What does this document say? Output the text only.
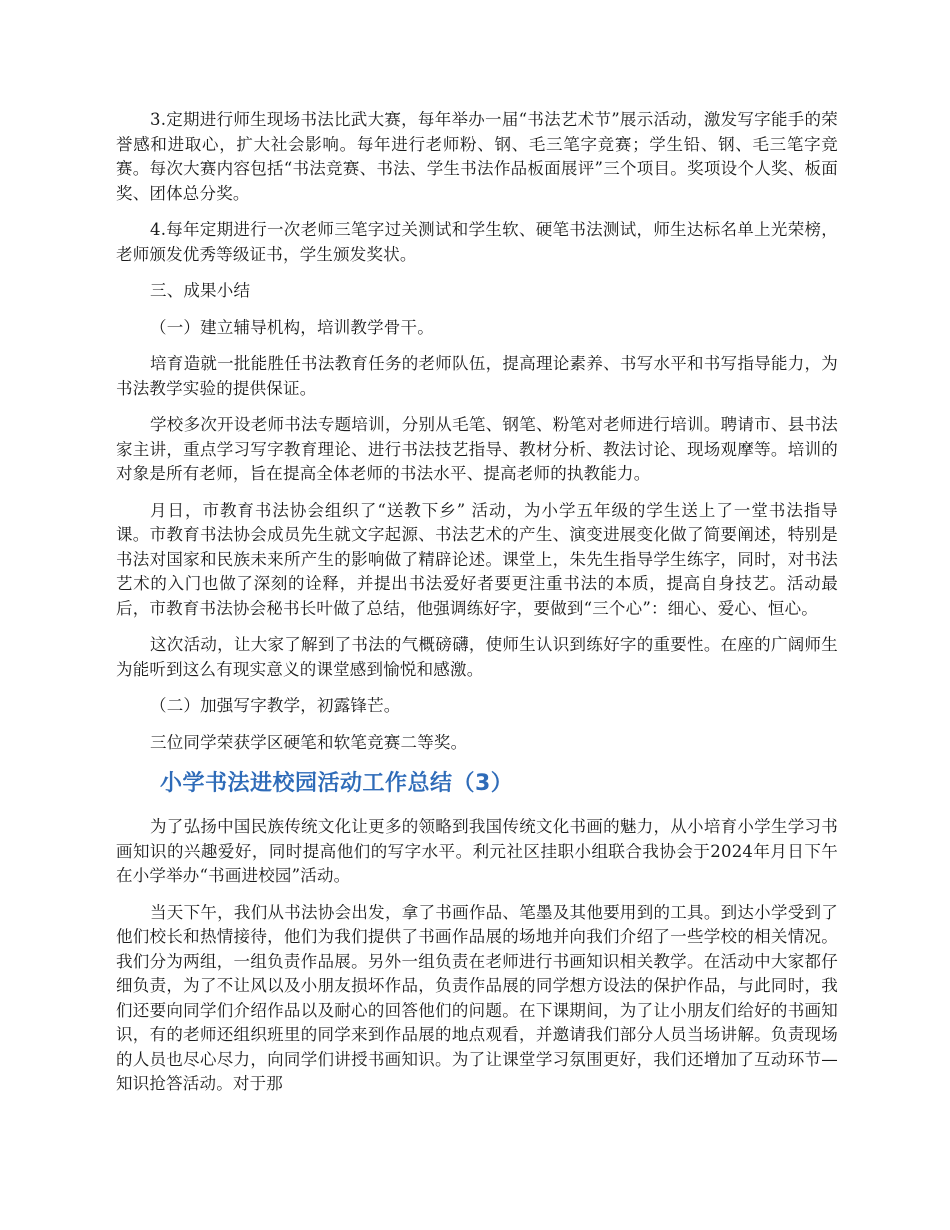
3.定期进行师生现场书法比武大赛，每年举办一届“书法艺术节”展示活动，激发写字能手的荣誉感和进取心，扩大社会影响。每年进行老师粉、钢、毛三笔字竞赛；学生铅、钢、毛三笔字竞赛。每次大赛内容包括“书法竞赛、书法、学生书法作品板面展评”三个项目。奖项设个人奖、板面奖、团体总分奖。

4.每年定期进行一次老师三笔字过关测试和学生软、硬笔书法测试，师生达标名单上光荣榜，老师颁发优秀等级证书，学生颁发奖状。

三、成果小结

（一）建立辅导机构，培训教学骨干。

培育造就一批能胜任书法教育任务的老师队伍，提高理论素养、书写水平和书写指导能力，为书法教学实验的提供保证。

学校多次开设老师书法专题培训，分别从毛笔、钢笔、粉笔对老师进行培训。聘请市、县书法家主讲，重点学习写字教育理论、进行书法技艺指导、教材分析、教法讨论、现场观摩等。培训的对象是所有老师，旨在提高全体老师的书法水平、提高老师的执教能力。

月日，市教育书法协会组织了“送教下乡” 活动，为小学五年级的学生送上了一堂书法指导课。市教育书法协会成员先生就文字起源、书法艺术的产生、演变进展变化做了简要阐述，特别是书法对国家和民族未来所产生的影响做了精辟论述。课堂上，朱先生指导学生练字，同时，对书法艺术的入门也做了深刻的诠释，并提出书法爱好者要更注重书法的本质，提高自身技艺。活动最后，市教育书法协会秘书长叶做了总结，他强调练好字，要做到“三个心”：细心、爱心、恒心。

这次活动，让大家了解到了书法的气概磅礴，使师生认识到练好字的重要性。在座的广阔师生为能听到这么有现实意义的课堂感到愉悦和感激。

（二）加强写字教学，初露锋芒。

三位同学荣获学区硬笔和软笔竞赛二等奖。

小学书法进校园活动工作总结（3）

为了弘扬中国民族传统文化让更多的领略到我国传统文化书画的魅力，从小培育小学生学习书画知识的兴趣爱好，同时提高他们的写字水平。利元社区挂职小组联合我协会于2024年月日下午在小学举办“书画进校园”活动。

当天下午，我们从书法协会出发，拿了书画作品、笔墨及其他要用到的工具。到达小学受到了他们校长和热情接待，他们为我们提供了书画作品展的场地并向我们介绍了一些学校的相关情况。我们分为两组，一组负责作品展。另外一组负责在老师进行书画知识相关教学。在活动中大家都仔细负责，为了不让风以及小朋友损坏作品，负责作品展的同学想方设法的保护作品，与此同时，我们还要向同学们介绍作品以及耐心的回答他们的问题。在下课期间，为了让小朋友们给好的书画知识，有的老师还组织班里的同学来到作品展的地点观看，并邀请我们部分人员当场讲解。负责现场的人员也尽心尽力，向同学们讲授书画知识。为了让课堂学习氛围更好，我们还增加了互动环节—知识抢答活动。对于那
